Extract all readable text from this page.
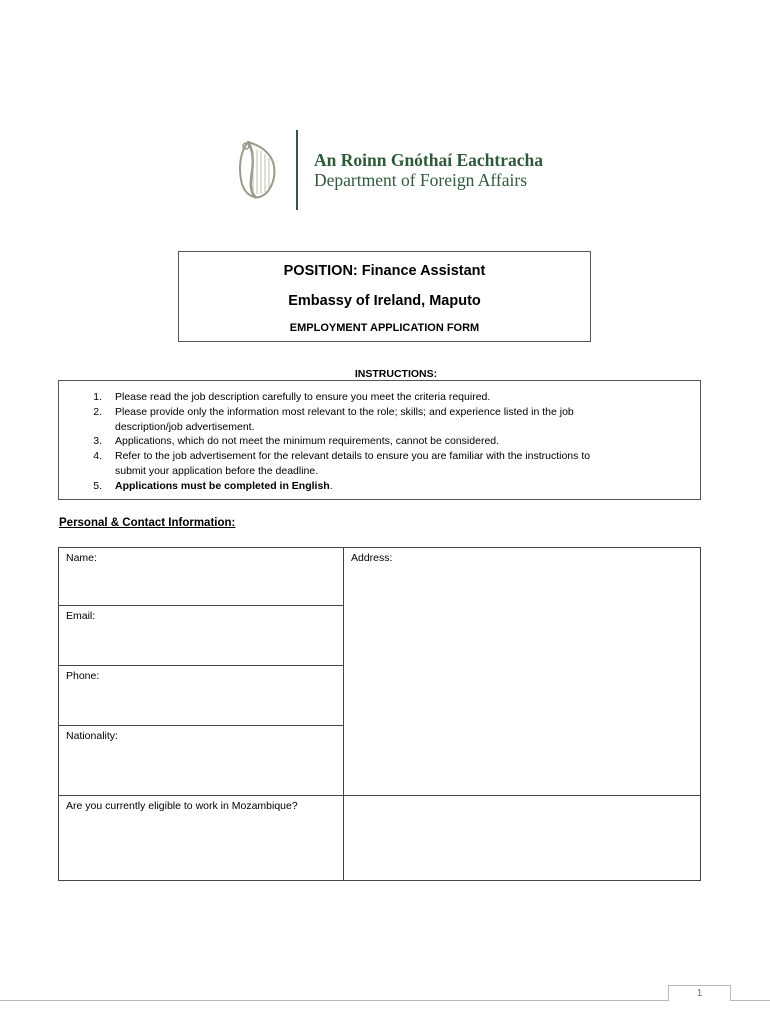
An Roinn Gnóthaí Eachtracha
Department of Foreign Affairs
POSITION: Finance Assistant
Embassy of Ireland, Maputo
EMPLOYMENT APPLICATION FORM
INSTRUCTIONS:
1. Please read the job description carefully to ensure you meet the criteria required.
2. Please provide only the information most relevant to the role; skills; and experience listed in the job
description/job advertisement.
3. Applications, which do not meet the minimum requirements, cannot be considered.
4. Refer to the job advertisement for the relevant details to ensure you are familiar with the instructions to
submit your application before the deadline.
5. Applications must be completed in English.
Personal & Contact Information:
Name:	Address:
Email:
Phone:
Nationality:
Are you currently eligible to work in Mozambique?
1
